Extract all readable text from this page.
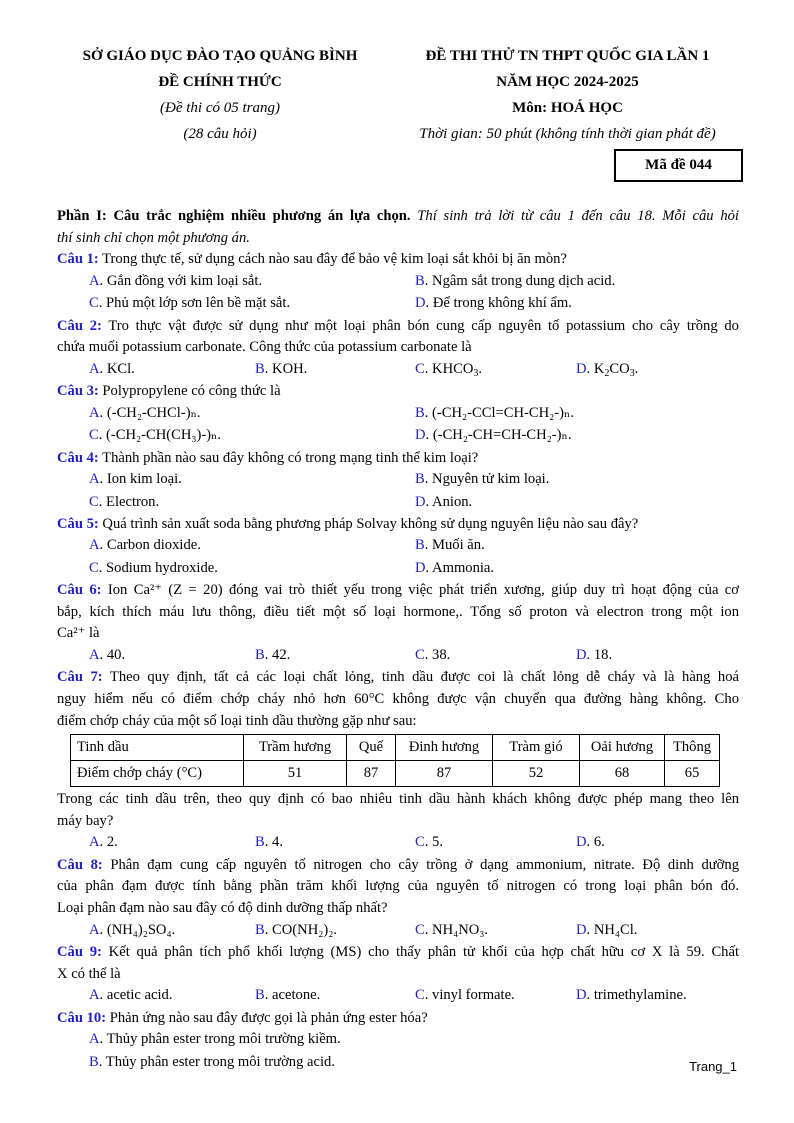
SỞ GIÁO DỤC ĐÀO TẠO QUẢNG BÌNH
ĐỀ CHÍNH THỨC
(Đề thi có 05 trang)
(28 câu hỏi)
ĐỀ THI THỬ TN THPT QUỐC GIA LẦN 1
NĂM HỌC 2024-2025
Môn: HOÁ HỌC
Thời gian: 50 phút (không tính thời gian phát đề)
Mã đề 044
Phần I: Câu trắc nghiệm nhiều phương án lựa chọn. Thí sinh trả lời từ câu 1 đến câu 18. Mỗi câu hỏi
thí sinh chỉ chọn một phương án.
Câu 1: Trong thực tế, sử dụng cách nào sau đây để bảo vệ kim loại sắt khỏi bị ăn mòn?
A. Gắn đồng với kim loại sắt.	B. Ngâm sắt trong dung dịch acid.
C. Phủ một lớp sơn lên bề mặt sắt.	D. Để trong không khí ẩm.
Câu 2: Tro thực vật được sử dụng như một loại phân bón cung cấp nguyên tố potassium cho cây trồng do
chứa muối potassium carbonate. Công thức của potassium carbonate là
A. KCl.	B. KOH.	C. $KHCO_3$.	D. $K_2CO_3$.
Câu 3: Polypropylene có công thức là
A. (-CH₂-CHCl-)ₙ.	B. (-CH₂-CCl=CH-CH₂-)ₙ.
C. (-CH₂-CH(CH₃)-)ₙ.	D. (-CH₂-CH=CH-CH₂-)ₙ.
Câu 4: Thành phần nào sau đây không có trong mạng tinh thể kim loại?
A. Ion kim loại.	B. Nguyên tử kim loại.
C. Electron.	D. Anion.
Câu 5: Quá trình sản xuất soda bằng phương pháp Solvay không sử dụng nguyên liệu nào sau đây?
A. Carbon dioxide.	B. Muối ăn.
C. Sodium hydroxide.	D. Ammonia.
Câu 6: Ion Ca²⁺ (Z = 20) đóng vai trò thiết yếu trong việc phát triển xương, giúp duy trì hoạt động của cơ
bắp, kích thích máu lưu thông, điều tiết một số loại hormone,. Tổng số proton và electron trong một ion
Ca²⁺ là
A. 40.	B. 42.	C. 38.	D. 18.
Câu 7: Theo quy định, tất cả các loại chất lỏng, tinh dầu được coi là chất lỏng dễ cháy và là hàng hoá
nguy hiểm nếu có điểm chớp cháy nhỏ hơn 60°C không được vận chuyển qua đường hàng không. Cho
điểm chớp cháy của một số loại tinh dầu thường gặp như sau:
Tinh dầu	Trầm hương	Quế	Đinh hương	Tràm gió	Oải hương	Thông
Điểm chớp cháy (°C)	51	87	87	52	68	65
Trong các tinh dầu trên, theo quy định có bao nhiêu tinh dầu hành khách không được phép mang theo lên
máy bay?
A. 2.	B. 4.	C. 5.	D. 6.
Câu 8: Phân đạm cung cấp nguyên tố nitrogen cho cây trồng ở dạng ammonium, nitrate. Độ dinh dưỡng
của phân đạm được tính bằng phần trăm khối lượng của nguyên tố nitrogen có trong loại phân bón đó.
Loại phân đạm nào sau đây có độ dinh dưỡng thấp nhất?
A. (NH₄)₂SO₄.	B. CO(NH₂)₂.	C. NH₄NO₃.	D. NH₄Cl.
Câu 9: Kết quả phân tích phổ khối lượng (MS) cho thấy phân tử khối của hợp chất hữu cơ X là 59. Chất
X có thể là
A. acetic acid.	B. acetone.	C. vinyl formate.	D. trimethylamine.
Câu 10: Phản ứng nào sau đây được gọi là phản ứng ester hóa?
A. Thủy phân ester trong môi trường kiềm.
B. Thủy phân ester trong môi trường acid.	Trang_1
